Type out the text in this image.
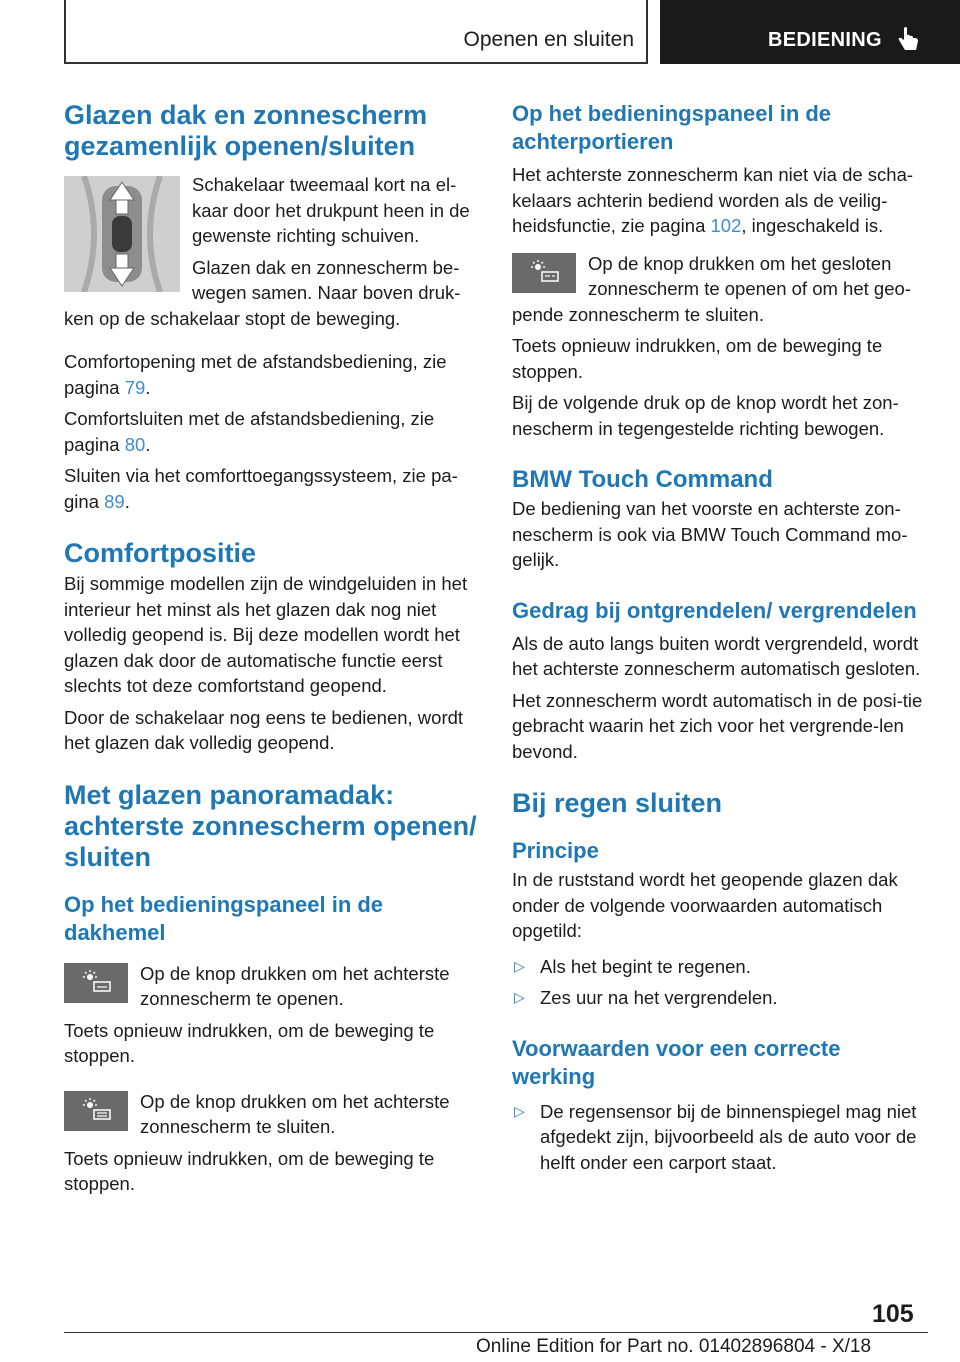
Openen en sluiten	BEDIENING
Glazen dak en zonnescherm gezamenlijk openen/sluiten

Schakelaar tweemaal kort na el-kaar door het drukpunt heen in de gewenste richting schuiven.

Glazen dak en zonnescherm be-wegen samen. Naar boven druk-ken op de schakelaar stopt de beweging.

Comfortopening met de afstandsbediening, zie pagina 79.

Comfortsluiten met de afstandsbediening, zie pagina 80.

Sluiten via het comforttoegangssysteem, zie pa-gina 89.

Comfortpositie

Bij sommige modellen zijn de windgeluiden in het interieur het minst als het glazen dak nog niet volledig geopend is. Bij deze modellen wordt het glazen dak door de automatische functie eerst slechts tot deze comfortstand geopend.

Door de schakelaar nog eens te bedienen, wordt het glazen dak volledig geopend.

Met glazen panoramadak: achterste zonnescherm openen/ sluiten
Op het bedieningspaneel in de dakhemel

Op de knop drukken om het achterste zonnescherm te openen.

Toets opnieuw indrukken, om de beweging te stoppen.

Op de knop drukken om het achterste zonnescherm te sluiten.

Toets opnieuw indrukken, om de beweging te stoppen.

Op het bedieningspaneel in de achterportieren

Het achterste zonnescherm kan niet via de scha-kelaars achterin bediend worden als de veilig-heidsfunctie, zie pagina 102, ingeschakeld is.

Op de knop drukken om het gesloten zonnescherm te openen of om het geo-pende zonnescherm te sluiten.

Toets opnieuw indrukken, om de beweging te stoppen.

Bij de volgende druk op de knop wordt het zon-nescherm in tegengestelde richting bewogen.

BMW Touch Command

De bediening van het voorste en achterste zon-nescherm is ook via BMW Touch Command mo-gelijk.

Gedrag bij ontgrendelen/ vergrendelen

Als de auto langs buiten wordt vergrendeld, wordt het achterste zonnescherm automatisch gesloten.

Het zonnescherm wordt automatisch in de posi-tie gebracht waarin het zich voor het vergrende-len bevond.

Bij regen sluiten
Principe

In de ruststand wordt het geopende glazen dak onder de volgende voorwaarden automatisch opgetild:

▷ Als het begint te regenen.
▷ Zes uur na het vergrendelen.
Voorwaarden voor een correcte werking
▷ De regensensor bij de binnenspiegel mag niet afgedekt zijn, bijvoorbeeld als de auto voor de helft onder een carport staat.
105
Online Edition for Part no. 01402896804 - X/18
